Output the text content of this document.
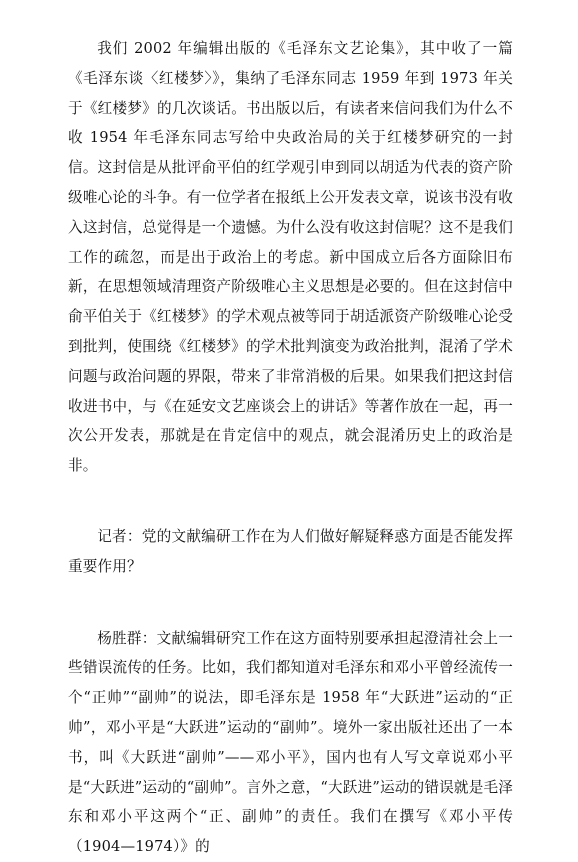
我们 2002 年编辑出版的《毛泽东文艺论集》，其中收了一篇《毛泽东谈〈红楼梦〉》，集纳了毛泽东同志 1959 年到 1973 年关于《红楼梦》的几次谈话。书出版以后，有读者来信问我们为什么不收 1954 年毛泽东同志写给中央政治局的关于红楼梦研究的一封信。这封信是从批评俞平伯的红学观引申到同以胡适为代表的资产阶级唯心论的斗争。有一位学者在报纸上公开发表文章，说该书没有收入这封信，总觉得是一个遗憾。为什么没有收这封信呢？这不是我们工作的疏忽，而是出于政治上的考虑。新中国成立后各方面除旧布新，在思想领域清理资产阶级唯心主义思想是必要的。但在这封信中俞平伯关于《红楼梦》的学术观点被等同于胡适派资产阶级唯心论受到批判，使围绕《红楼梦》的学术批判演变为政治批判，混淆了学术问题与政治问题的界限，带来了非常消极的后果。如果我们把这封信收进书中，与《在延安文艺座谈会上的讲话》等著作放在一起，再一次公开发表，那就是在肯定信中的观点，就会混淆历史上的政治是非。

记者：党的文献编研工作在为人们做好解疑释惑方面是否能发挥重要作用？

杨胜群：文献编辑研究工作在这方面特别要承担起澄清社会上一些错误流传的任务。比如，我们都知道对毛泽东和邓小平曾经流传一个“正帅”“副帅”的说法，即毛泽东是 1958 年“大跃进”运动的“正帅”，邓小平是“大跃进”运动的“副帅”。境外一家出版社还出了一本书，叫《大跃进“副帅”——邓小平》，国内也有人写文章说邓小平是“大跃进”运动的“副帅”。言外之意，“大跃进”运动的错误就是毛泽东和邓小平这两个“正、副帅”的责任。我们在撰写《邓小平传（1904—1974）》的
